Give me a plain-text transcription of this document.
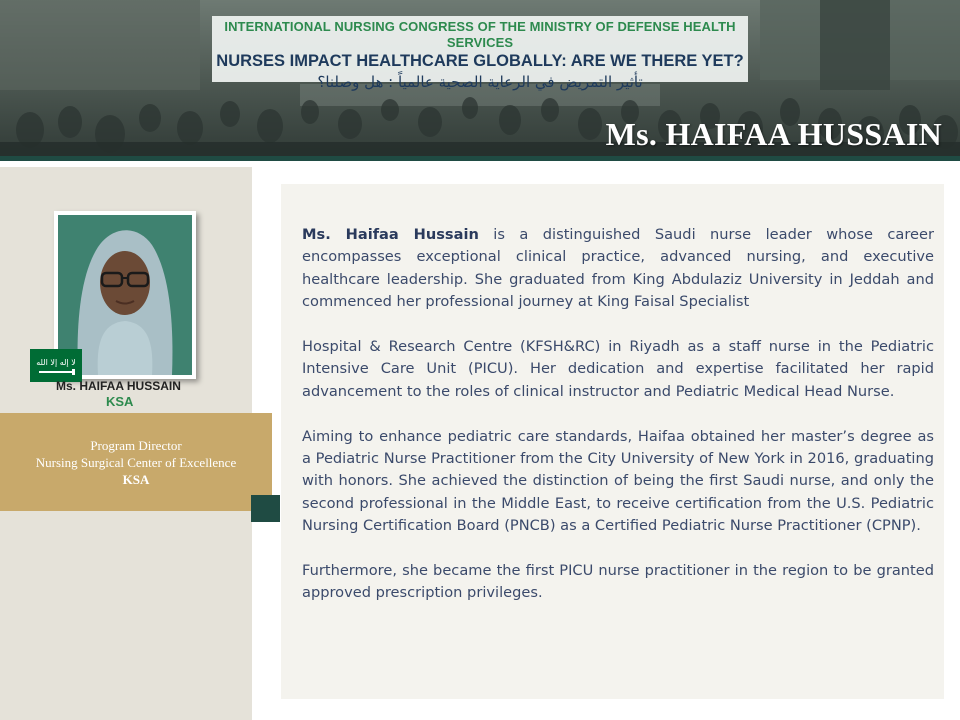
INTERNATIONAL NURSING CONGRESS OF THE MINISTRY OF DEFENSE HEALTH SERVICES
NURSES IMPACT HEALTHCARE GLOBALLY: ARE WE THERE YET?
تأثير التمريض في الرعاية الصحية عالمياً : هل وصلنا؟
Ms. HAIFAA HUSSAIN
لا إله إلا الله
Ms. HAIFAA HUSSAIN
KSA
Program Director
Nursing Surgical Center of Excellence
KSA

Ms. Haifaa Hussain is a distinguished Saudi nurse leader whose career encompasses exceptional clinical practice, advanced nursing, and executive healthcare leadership. She graduated from King Abdulaziz University in Jeddah and commenced her professional journey at King Faisal Specialist

Hospital & Research Centre (KFSH&RC) in Riyadh as a staff nurse in the Pediatric Intensive Care Unit (PICU). Her dedication and expertise facilitated her rapid advancement to the roles of clinical instructor and Pediatric Medical Head Nurse.

Aiming to enhance pediatric care standards, Haifaa obtained her master’s degree as a Pediatric Nurse Practitioner from the City University of New York in 2016, graduating with honors. She achieved the distinction of being the first Saudi nurse, and only the second professional in the Middle East, to receive certification from the U.S. Pediatric Nursing Certification Board (PNCB) as a Certified Pediatric Nurse Practitioner (CPNP).

Furthermore, she became the first PICU nurse practitioner in the region to be granted approved prescription privileges.
